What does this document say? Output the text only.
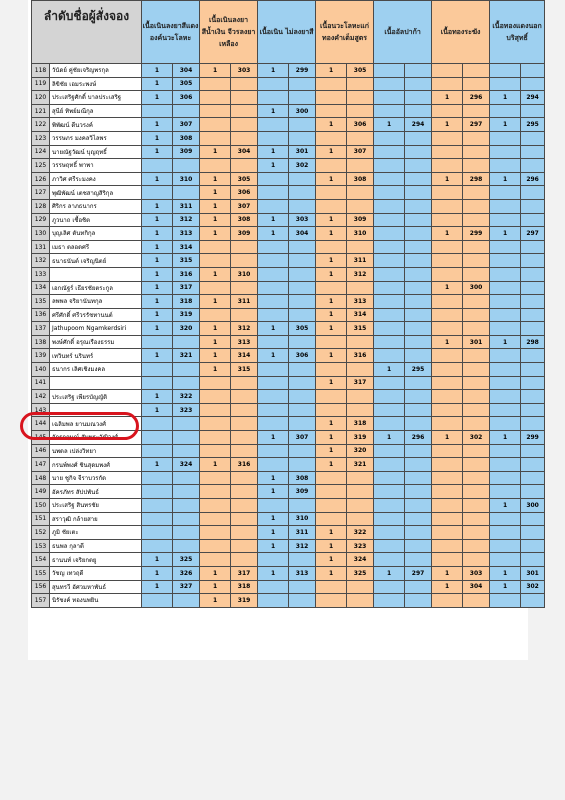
ลำดับชื่อผู้สั่งจอง		เนื้อเนินลงยาสีแดง องค์นวะโลหะ		เนื้อเนินลงยาสีน้ำเงิน จีวรลงยาเหลือง		เนื้อเนิน ไม่ลงยาสี		เนื้อนวะโลหะแก่ทองคำเต็มสูตร		เนื้ออัลปาก้า		เนื้อทองระฆัง		เนื้อทองแดงนอกบริสุทธิ์	
118	วันัดย์ คู่ชัยเจริญพรกุล	1	304	1	303	1	299	1	305						
119	ลิขิชัย เอมระพงษ์	1	305												
120	ประเสริฐศักดิ์ บาลประเสริฐ	1	306									1	296	1	294
121	สุนีย์ ทิพย์มณีกุล					1	300								
122	พิพัฒน์ ดีนวรงค์	1	307					1	306	1	294	1	297	1	295
123	วรรษภร มงคลวิไลพร	1	308												
124	นายณัฐวัฒน์ บุญฤทธิ์	1	309	1	304	1	301	1	307						
125	วรรษฤทธิ์ พาพา					1	302								
126	ภาวิศ ศรีระมงคง	1	310	1	305			1	308			1	298	1	296
127	พุฒิพัฒน์ เตชสาญสิริกุล			1	306										
128	ศิริกร ลาภธนากร	1	311	1	307										
129	ภูวนาถ เชื้อชิต	1	312	1	308	1	303	1	309						
130	บุญเลิศ ตันทกิกุล	1	313	1	309	1	304	1	310			1	299	1	297
131	เมธา ตลอดศรี	1	314												
132	ธนาธนันต์ เจริญนิตย์	1	315					1	311						
133		1	316	1	310			1	312						
134	เอกณัฐร์ เธียรชัยตระกูล	1	317									1	300		
135	ลพพล จริยานันทกุล	1	318	1	311			1	313						
136	ศรีศักดิ์ ศรีวรรัชทานนต์	1	319					1	314						
137	Jathupoom Ngamkerdsiri	1	320	1	312	1	305	1	315						
138	พงษ์ศักดิ์ อรุณเรืองธรรม			1	313							1	301	1	298
139	เทวินทร์ นรินทร์	1	321	1	314	1	306	1	316						
140	ธนากร เลิศเชิงมงคล			1	315					1	295				
141								1	317						
142	ประเสริฐ เพียรบัญญัติ	1	322												
143		1	323												
144	เฉลิมพล ยานมณวงศ์							1	318						
145	จักรกฤษณ์ สัมพระวัฒิวงศ์					1	307	1	319	1	296	1	302	1	299
146	นพดล เปล่งวิทยา							1	320						
147	กรนพ์พงศ์ ชินสุดมพงศ์	1	324	1	316			1	321						
148	นาย ชูกิจ จีราบวรกัด					1	308								
149	อัครภัทร สัปปพันธ์					1	309								
150	ประเสริฐ สินทรชัย													1	300
151	สราวุฒิ กล้ายสาย					1	310								
152	ภูมิ ชัยเตะ					1	311	1	322						
153	ธนพล กุลาดี					1	312	1	323						
154	ธานนท์ เจริยกตยู	1	325					1	324						
155	วัชญ เทวฤดี	1	326	1	317	1	313	1	325	1	297	1	303	1	301
156	สุนทรวี อัศวมหาพันธ์	1	327	1	318							1	304	1	302
157	นิรัชงค์ ทองนพยิน			1	319										
